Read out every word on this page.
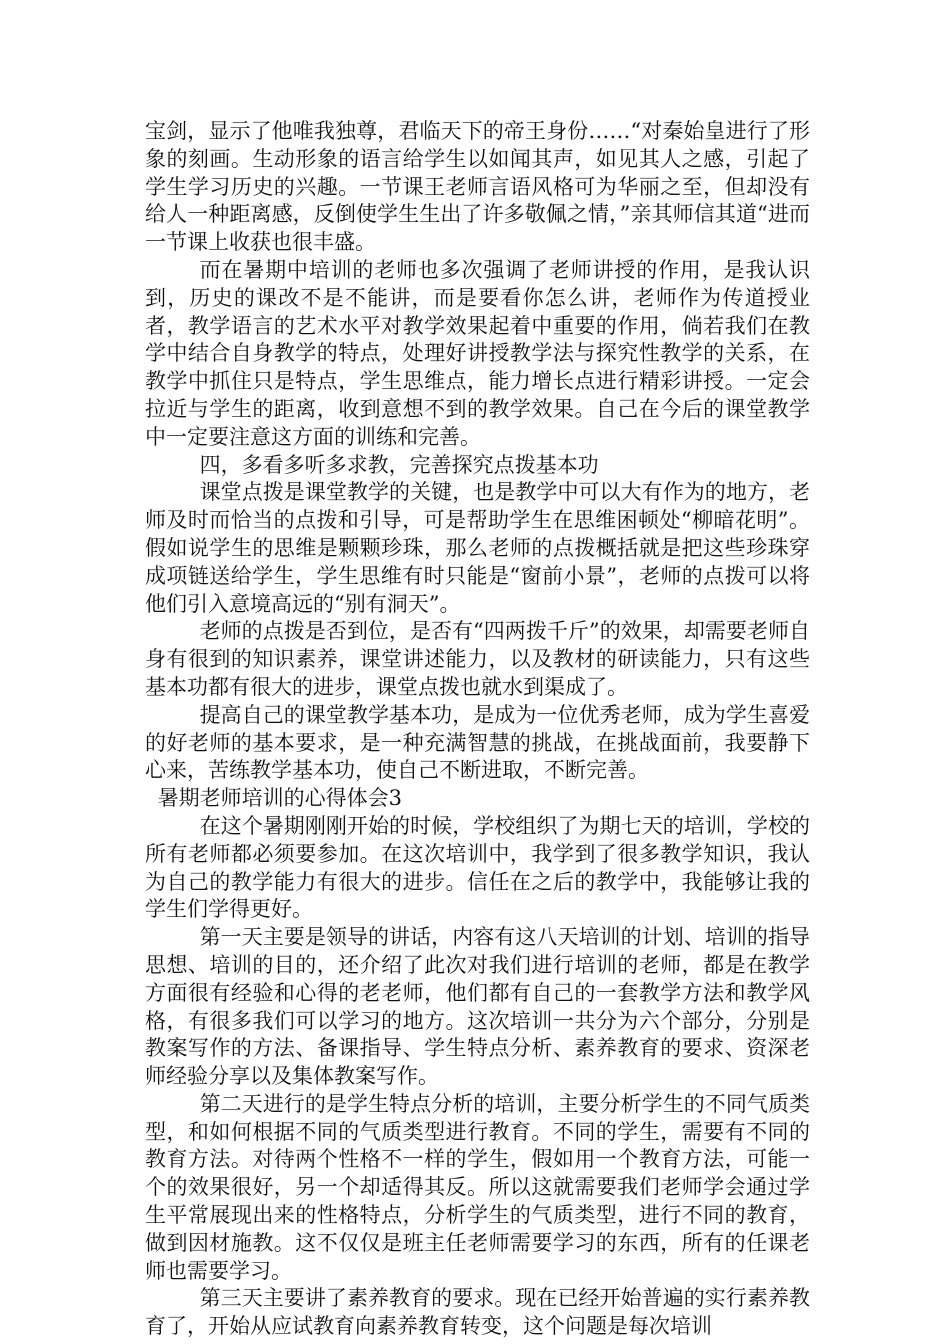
宝剑，显示了他唯我独尊，君临天下的帝王身份……“对秦始皇进行了形象的刻画。生动形象的语言给学生以如闻其声，如见其人之感，引起了学生学习历史的兴趣。一节课王老师言语风格可为华丽之至，但却没有给人一种距离感，反倒使学生生出了许多敬佩之情，”亲其师信其道“进而一节课上收获也很丰盛。

而在暑期中培训的老师也多次强调了老师讲授的作用，是我认识到，历史的课改不是不能讲，而是要看你怎么讲，老师作为传道授业者，教学语言的艺术水平对教学效果起着中重要的作用，倘若我们在教学中结合自身教学的特点，处理好讲授教学法与探究性教学的关系，在教学中抓住只是特点，学生思维点，能力增长点进行精彩讲授。一定会拉近与学生的距离，收到意想不到的教学效果。自己在今后的课堂教学中一定要注意这方面的训练和完善。

四，多看多听多求教，完善探究点拨基本功

课堂点拨是课堂教学的关键，也是教学中可以大有作为的地方，老师及时而恰当的点拨和引导，可是帮助学生在思维困顿处“柳暗花明”。假如说学生的思维是颗颗珍珠，那么老师的点拨概括就是把这些珍珠穿成项链送给学生，学生思维有时只能是“窗前小景”，老师的点拨可以将他们引入意境高远的“别有洞天”。

老师的点拨是否到位，是否有“四两拨千斤”的效果，却需要老师自身有很到的知识素养，课堂讲述能力，以及教材的研读能力，只有这些基本功都有很大的进步，课堂点拨也就水到渠成了。

提高自己的课堂教学基本功，是成为一位优秀老师，成为学生喜爱的好老师的基本要求，是一种充满智慧的挑战，在挑战面前，我要静下心来，苦练教学基本功，使自己不断进取，不断完善。

暑期老师培训的心得体会3

在这个暑期刚刚开始的时候，学校组织了为期七天的培训，学校的所有老师都必须要参加。在这次培训中，我学到了很多教学知识，我认为自己的教学能力有很大的进步。信任在之后的教学中，我能够让我的学生们学得更好。

第一天主要是领导的讲话，内容有这八天培训的计划、培训的指导思想、培训的目的，还介绍了此次对我们进行培训的老师，都是在教学方面很有经验和心得的老老师，他们都有自己的一套教学方法和教学风格，有很多我们可以学习的地方。这次培训一共分为六个部分，分别是教案写作的方法、备课指导、学生特点分析、素养教育的要求、资深老师经验分享以及集体教案写作。

第二天进行的是学生特点分析的培训，主要分析学生的不同气质类型，和如何根据不同的气质类型进行教育。不同的学生，需要有不同的教育方法。对待两个性格不一样的学生，假如用一个教育方法，可能一个的效果很好，另一个却适得其反。所以这就需要我们老师学会通过学生平常展现出来的性格特点，分析学生的气质类型，进行不同的教育，做到因材施教。这不仅仅是班主任老师需要学习的东西，所有的任课老师也需要学习。

第三天主要讲了素养教育的要求。现在已经开始普遍的实行素养教育了，开始从应试教育向素养教育转变，这个问题是每次培训
